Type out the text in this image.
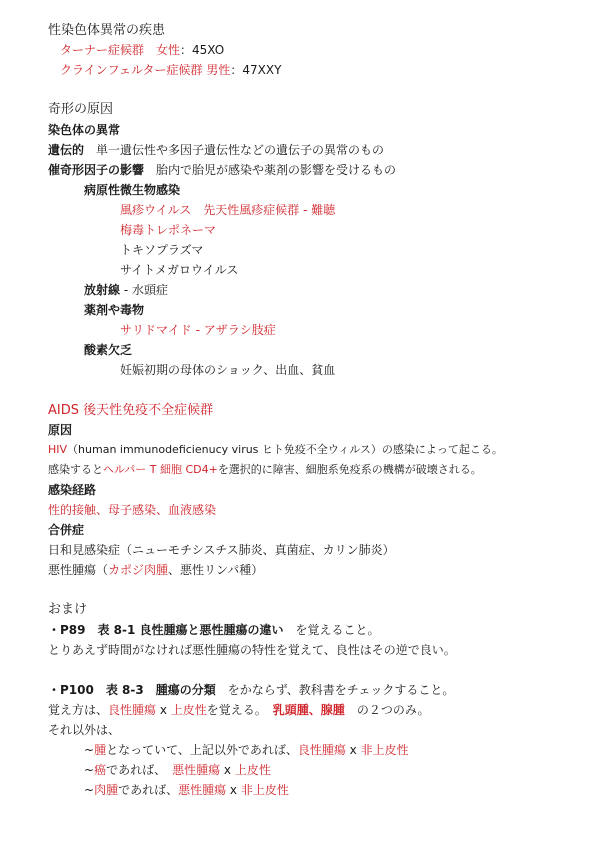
性染色体異常の疾患
ターナー症候群　女性：45XO
クラインフェルター症候群 男性：47XXY
奇形の原因
染色体の異常
遺伝的　単一遺伝性や多因子遺伝性などの遺伝子の異常のもの
催奇形因子の影響　胎内で胎児が感染や薬剤の影響を受けるもの
病原性微生物感染
風疹ウイルス　先天性風疹症候群 - 難聴
梅毒トレポネーマ
トキソプラズマ
サイトメガロウイルス
放射線 - 水頭症
薬剤や毒物
サリドマイド - アザラシ肢症
酸素欠乏
妊娠初期の母体のショック、出血、貧血
AIDS 後天性免疫不全症候群
原因
HIV（human immunodeficienucy virus ヒト免疫不全ウィルス）の感染によって起こる。
感染するとヘルパー T 細胞 CD4+を選択的に障害、細胞系免疫系の機構が破壊される。
感染経路
性的接触、母子感染、血液感染
合併症
日和見感染症（ニューモチシスチス肺炎、真菌症、カリン肺炎）
悪性腫瘍（カポジ肉腫、悪性リンパ種）
おまけ
・P89　表 8-1 良性腫瘍と悪性腫瘍の違い　を覚えること。
とりあえず時間がなければ悪性腫瘍の特性を覚えて、良性はその逆で良い。
・P100　表 8-3　腫瘍の分類　をかならず、教科書をチェックすること。
覚え方は、良性腫瘍 x 上皮性を覚える。　乳頭腫、腺腫　の２つのみ。
それ以外は、
~腫となっていて、上記以外であれば、良性腫瘍 x 非上皮性
~癌であれば、　悪性腫瘍 x 上皮性
~肉腫であれば、悪性腫瘍 x 非上皮性
